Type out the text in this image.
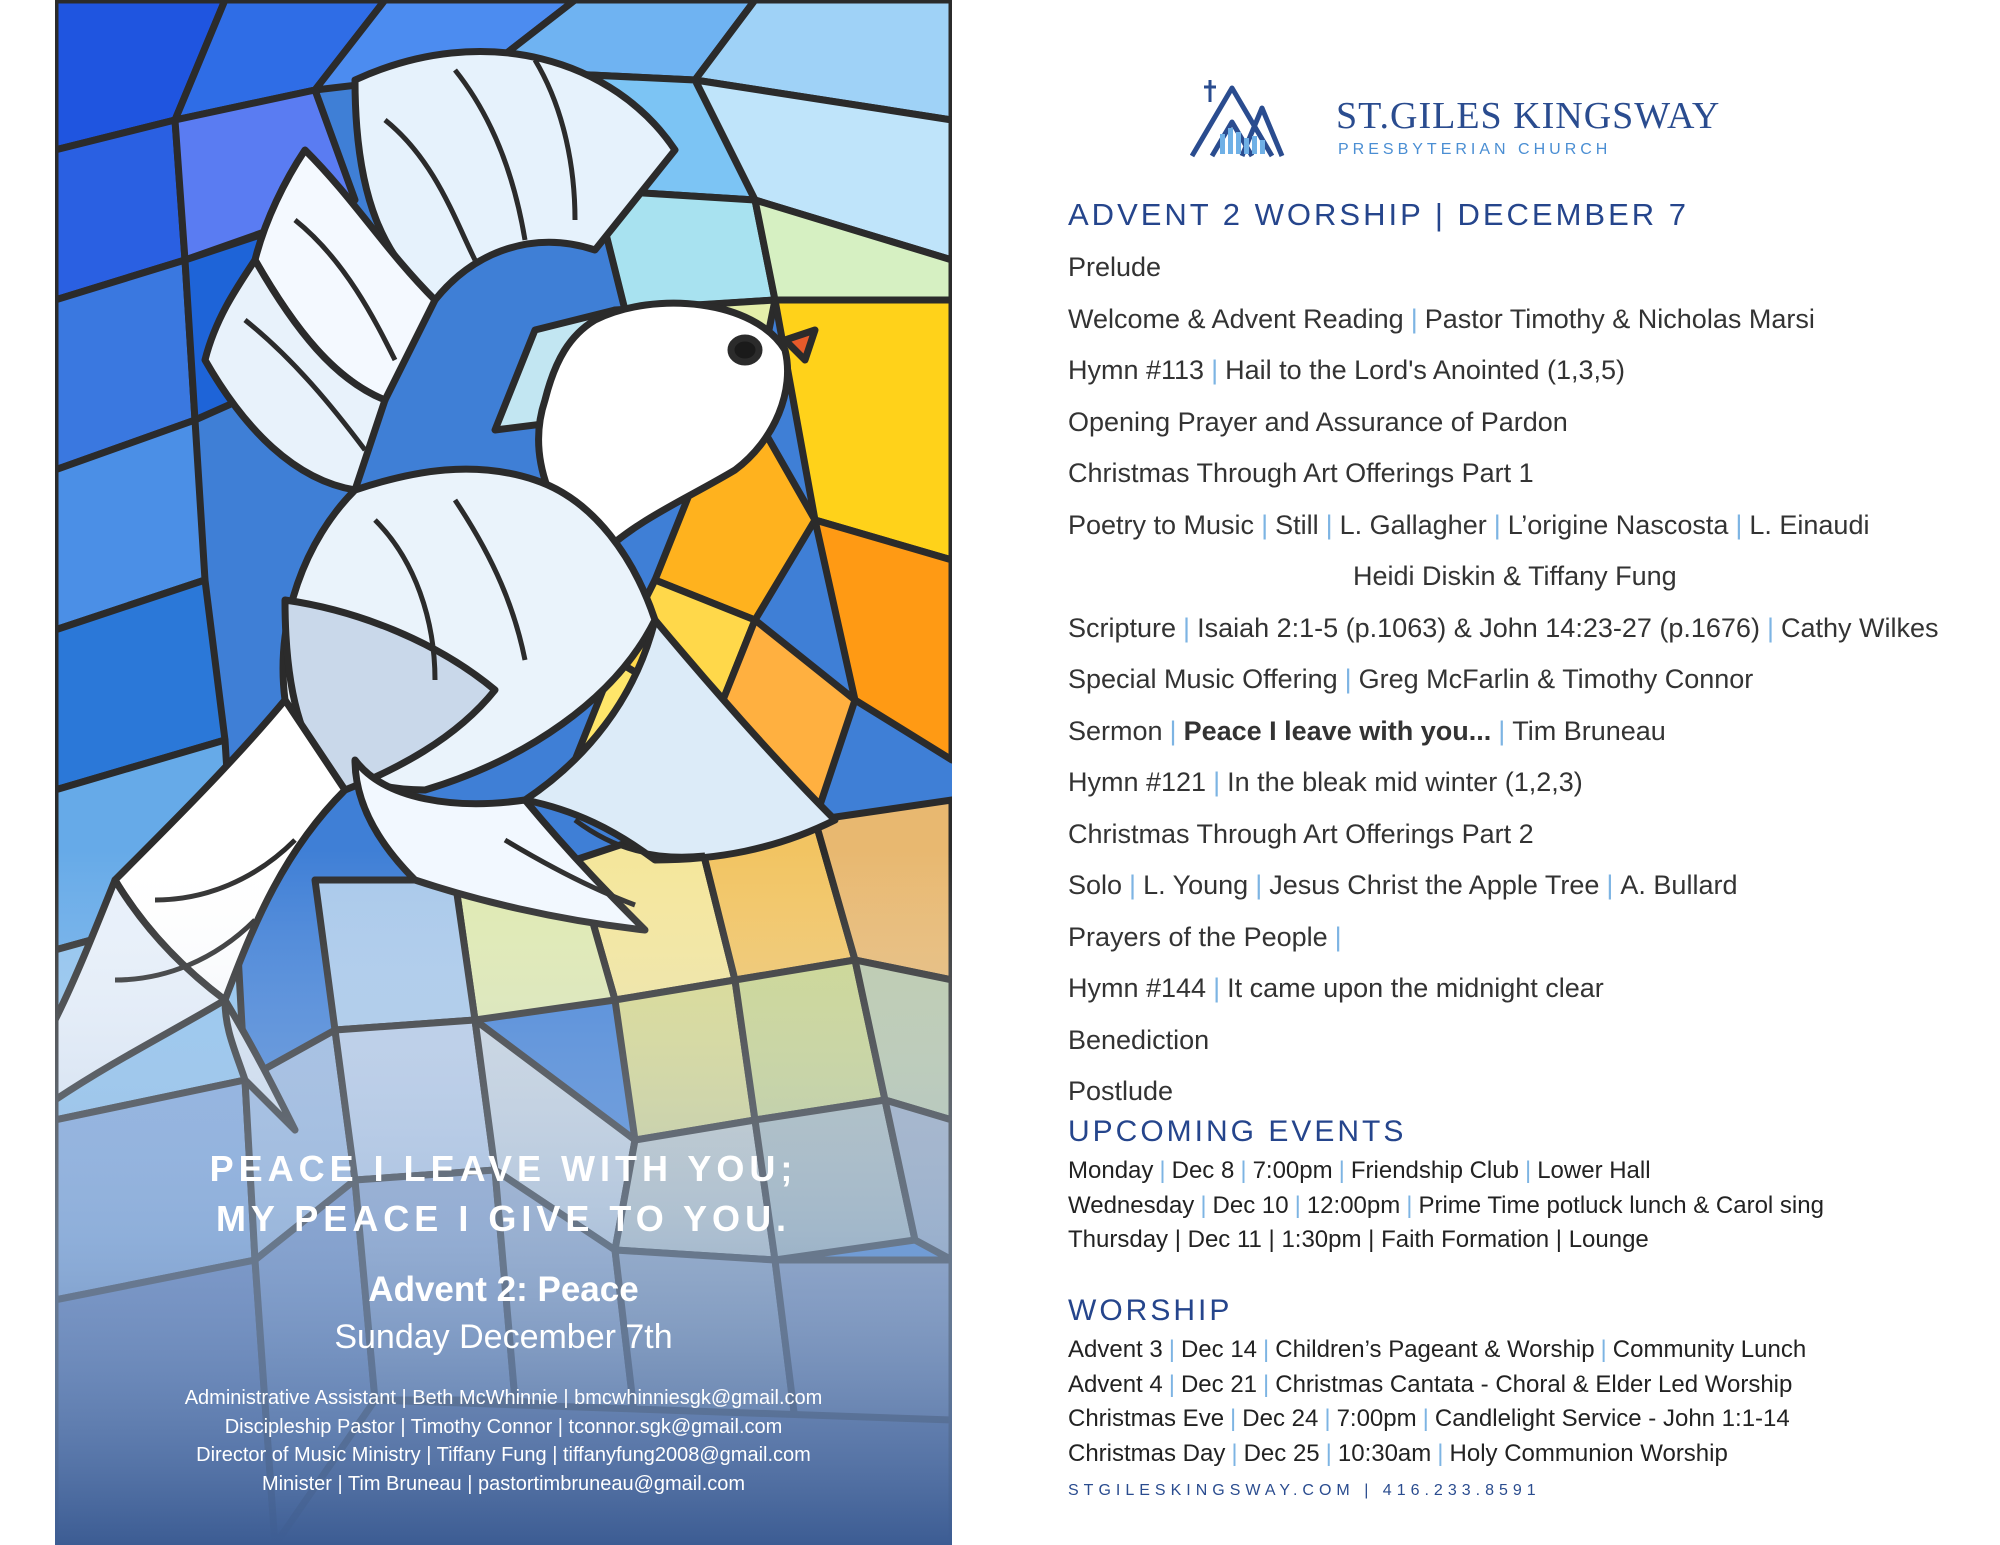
PEACE I LEAVE WITH YOU;
MY PEACE I GIVE TO YOU.
Advent 2: Peace
Sunday December 7th
Administrative Assistant | Beth McWhinnie | bmcwhinniesgk@gmail.com
Discipleship Pastor | Timothy Connor | tconnor.sgk@gmail.com
Director of Music Ministry | Tiffany Fung | tiffanyfung2008@gmail.com
Minister | Tim Bruneau | pastortimbruneau@gmail.com
ST.GILES KINGSWAY
PRESBYTERIAN CHURCH
ADVENT 2 WORSHIP | DECEMBER 7
Prelude
Welcome & Advent Reading | Pastor Timothy & Nicholas Marsi
Hymn #113 | Hail to the Lord's Anointed (1,3,5)
Opening Prayer and Assurance of Pardon
Christmas Through Art Offerings Part 1
Poetry to Music | Still | L. Gallagher | L’origine Nascosta | L. Einaudi
Heidi Diskin & Tiffany Fung
Scripture | Isaiah 2:1-5 (p.1063) & John 14:23-27 (p.1676) | Cathy Wilkes
Special Music Offering | Greg McFarlin & Timothy Connor
Sermon | Peace I leave with you... | Tim Bruneau
Hymn #121 | In the bleak mid winter (1,2,3)
Christmas Through Art Offerings Part 2
Solo | L. Young | Jesus Christ the Apple Tree | A. Bullard
Prayers of the People |
Hymn #144 | It came upon the midnight clear
Benediction
Postlude
UPCOMING EVENTS
Monday | Dec 8 | 7:00pm | Friendship Club | Lower Hall
Wednesday | Dec 10 | 12:00pm | Prime Time potluck lunch & Carol sing
Thursday | Dec 11 | 1:30pm | Faith Formation | Lounge
WORSHIP
Advent 3 | Dec 14 | Children’s Pageant & Worship | Community Lunch
Advent 4 | Dec 21 | Christmas Cantata - Choral & Elder Led Worship
Christmas Eve | Dec 24 | 7:00pm | Candlelight Service - John 1:1-14
Christmas Day | Dec 25 | 10:30am | Holy Communion Worship
STGILESKINGSWAY.COM | 416.233.8591
